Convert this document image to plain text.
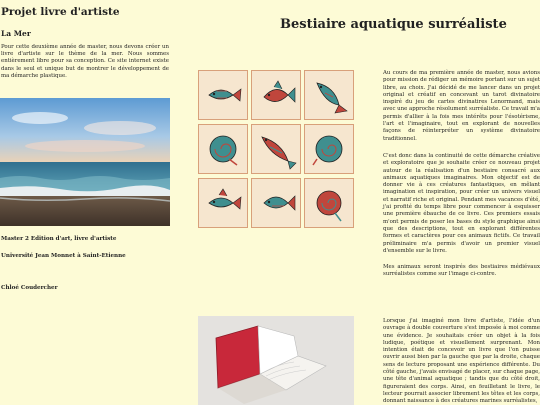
Projet livre d'artiste
La Mer

Pour cette deuxième année de master, nous devons créer un livre d'artiste sur le thème de la mer. Nous sommes entièrement libre pour sa conception. Ce site internet existe dans le seul et unique but de montrer le développement de ma démarche plastique.

Master 2 Edition d'art, livre d'artiste
Université Jean Monnet à Saint-Etienne
Chloé Coudercher
Bestiaire aquatique surréaliste

Au cours de ma première année de master, nous avions pour mission de rédiger un mémoire portant sur un sujet libre, au choix. J'ai décidé de me lancer dans un projet original et créatif en concevant un tarot divinatoire inspiré du jeu de cartes divinatires Lenormand, mais avec une approche résolument surréaliste. Ce travail m'a permis d'allier à la fois mes intérêts pour l'ésotérisme, l'art et l'imaginaire, tout en explorant de nouvelles façons de réinterpréter un système divinatoire traditionnel.

C'est donc dans la continuité de cette démarche créative et exploratoire que je souhaite créer ce nouveau projet autour de la réalisation d'un bestiaire consacré aux animaux aquatiques imaginaires. Mon objectif est de donner vie à ces créatures fantastiques, en mêlant imagination et inspiration, pour créer un univers visuel et narratif riche et original. Pendant mes vacances d'été, j'ai profité du temps libre pour commencer à esquisser une première ébauche de ce livre. Ces premiers essais m'ont permis de poser les bases du style graphique ainsi que des descriptions, tout en explorant différentes formes et caractères pour ces animaux fictifs. Ce travail préliminaire m'a permis d'avoir un premier visuel d'ensemble sur le livre.

Mes animaux seront inspirés des bestiaires médiévaux surréalistes comme sur l'image ci-contre.

Lorsque j'ai imaginé mon livre d'artiste, l'idée d'un ouvrage à double couverture s'est imposée à moi comme une évidence. Je souhaitais créer un objet à la fois ludique, poétique et visuellement surprenant. Mon intention était de concevoir un livre que l'on puisse ouvrir aussi bien par la gauche que par la droite, chaque sens de lecture proposant une expérience différente. Du côté gauche, j'avais envisagé de placer, sur chaque page, une tête d'animal aquatique ; tandis que du côté droit, figureraient des corps. Ainsi, en feuilletant le livre, le lecteur pourrait associer librement les têtes et les corps, donnant naissance à des créatures marines surréalistes,
